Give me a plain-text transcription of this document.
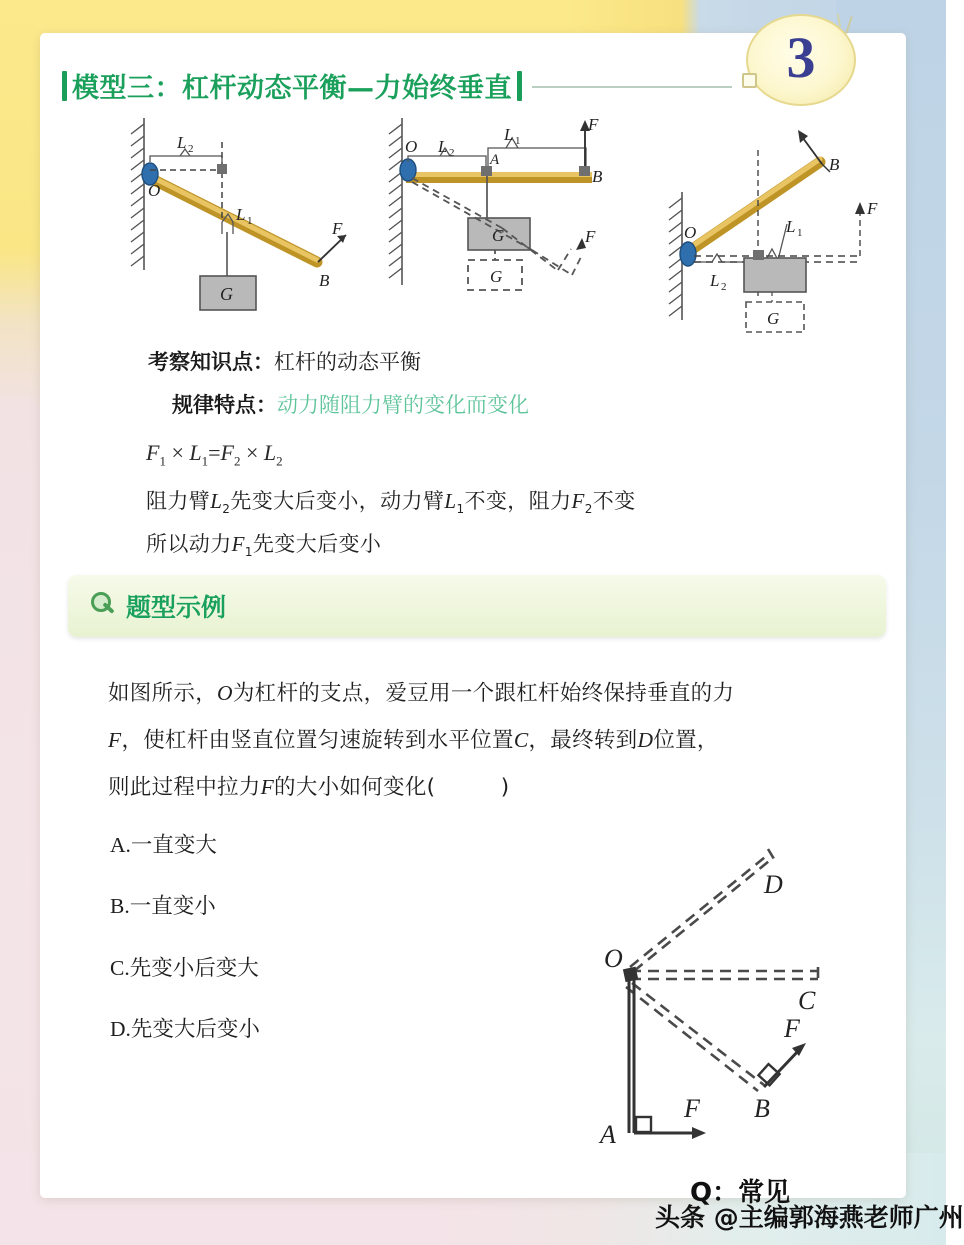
3
模型三：杠杆动态平衡—力始终垂直
F
O
B
G
L 2
L 1
F
F
O
B
A
L 2
L 1
G
G
B
F
O	L 1
L 2
G
考察知识点：杠杆的动态平衡
规律特点：动力随阻力臂的变化而变化
$F_1 \times L_1=F_2 \times L_2$
阻力臂$L_2$先变大后变小，动力臂$L_1$不变，阻力$F_2$不变
所以动力$F_1$先变大后变小
题型示例
如图所示，O为杠杆的支点，爱豆用一个跟杠杆始终保持垂直的力
F，使杠杆由竖直位置匀速旋转到水平位置C，最终转到D位置，
则此过程中拉力F的大小如何变化(　　　)
A.一直变大
B.一直变小
C.先变小后变大
D.先变大后变小
O
A
B
C
D
F
F
头条 @主编郭海燕老师广州
